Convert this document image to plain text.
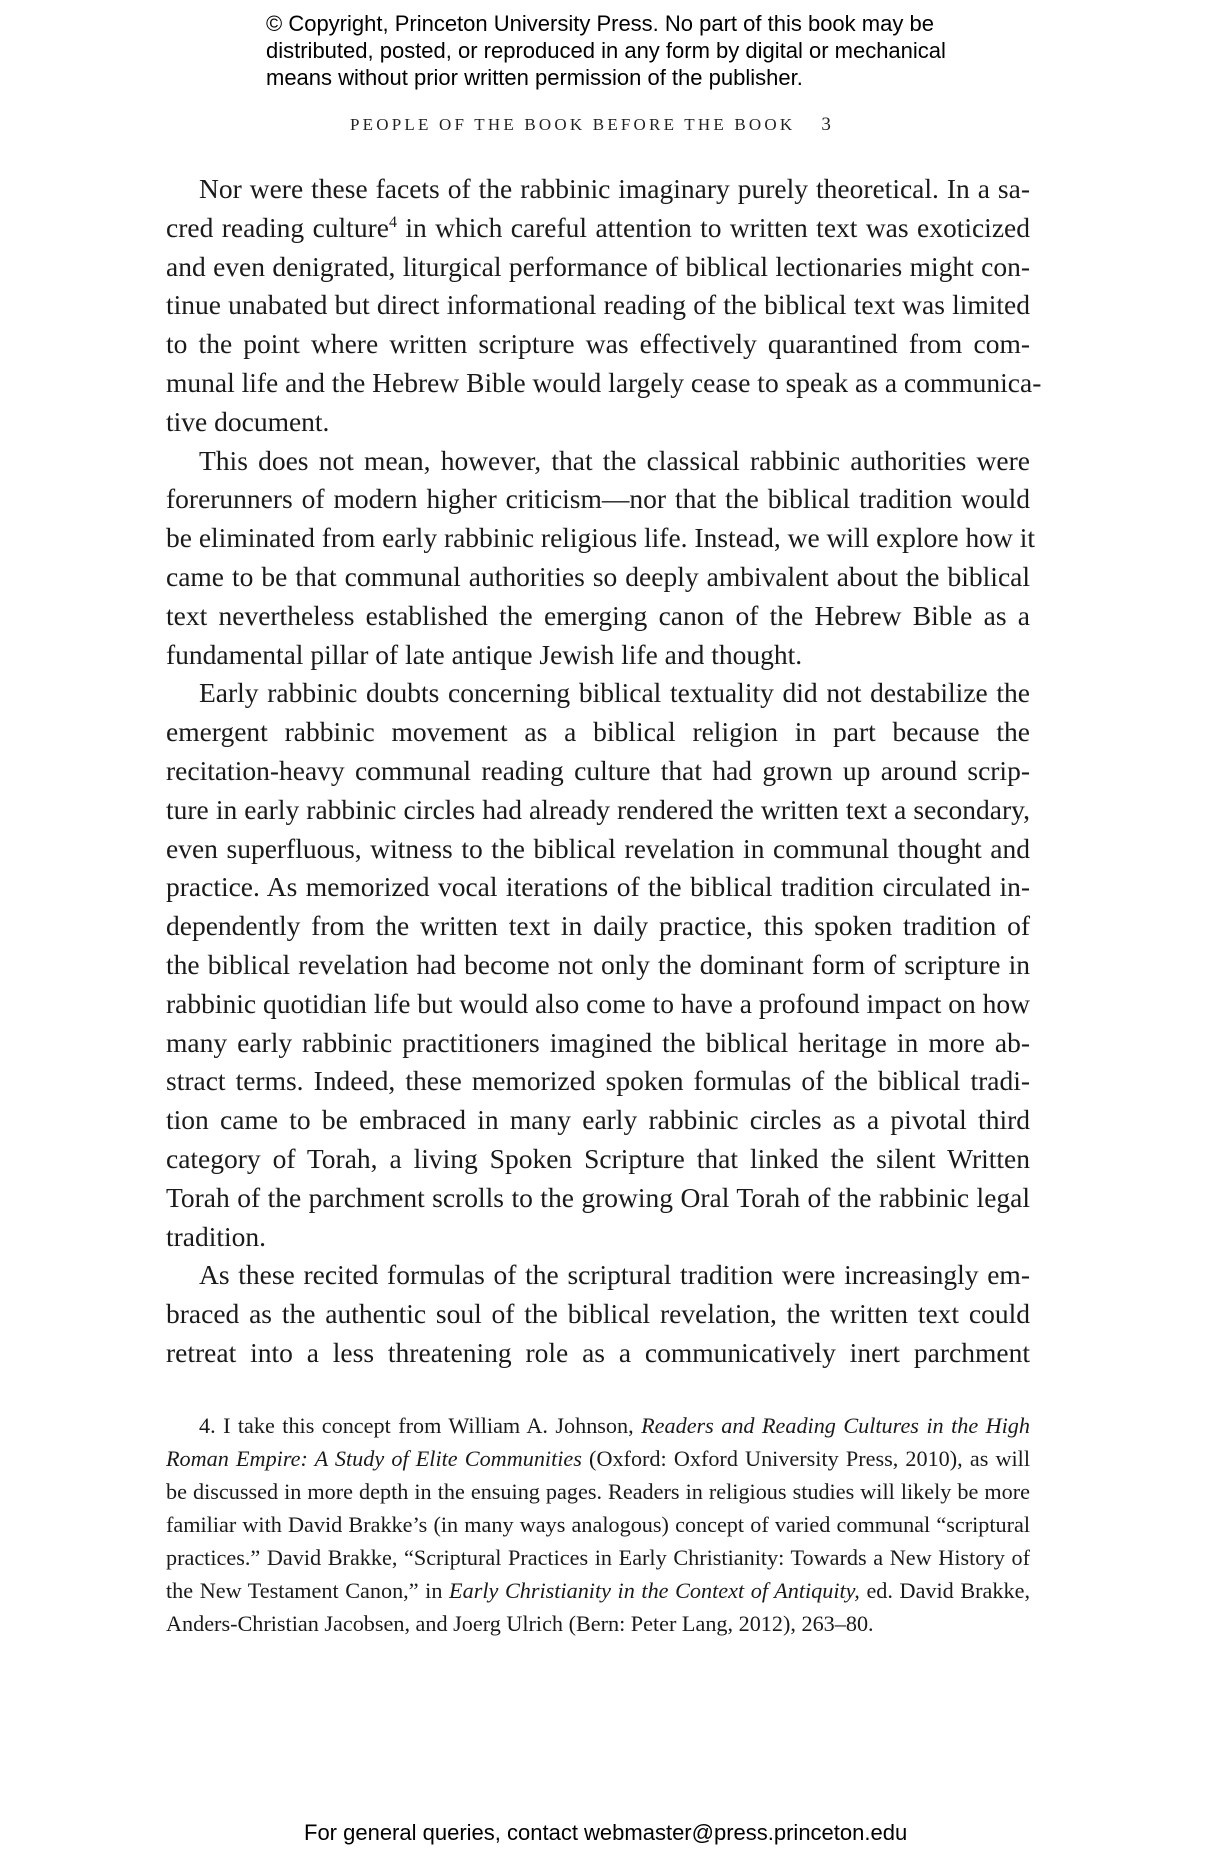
© Copyright, Princeton University Press. No part of this book may be
distributed, posted, or reproduced in any form by digital or mechanical
means without prior written permission of the publisher.
PEOPLE OF THE BOOK BEFORE THE BOOK 3
Nor were these facets of the rabbinic imaginary purely theoretical. In a sa-
cred reading culture$^4$ in which careful attention to written text was exoticized
and even denigrated, liturgical performance of biblical lectionaries might con-
tinue unabated but direct informational reading of the biblical text was limited
to the point where written scripture was effectively quarantined from com-
munal life and the Hebrew Bible would largely cease to speak as a communica-
tive document.
This does not mean, however, that the classical rabbinic authorities were
forerunners of modern higher criticism—nor that the biblical tradition would
be eliminated from early rabbinic religious life. Instead, we will explore how it
came to be that communal authorities so deeply ambivalent about the biblical
text nevertheless established the emerging canon of the Hebrew Bible as a
fundamental pillar of late antique Jewish life and thought.
Early rabbinic doubts concerning biblical textuality did not destabilize the
emergent rabbinic movement as a biblical religion in part because the
recitation-heavy communal reading culture that had grown up around scrip-
ture in early rabbinic circles had already rendered the written text a secondary,
even superfluous, witness to the biblical revelation in communal thought and
practice. As memorized vocal iterations of the biblical tradition circulated in-
dependently from the written text in daily practice, this spoken tradition of
the biblical revelation had become not only the dominant form of scripture in
rabbinic quotidian life but would also come to have a profound impact on how
many early rabbinic practitioners imagined the biblical heritage in more ab-
stract terms. Indeed, these memorized spoken formulas of the biblical tradi-
tion came to be embraced in many early rabbinic circles as a pivotal third
category of Torah, a living Spoken Scripture that linked the silent Written
Torah of the parchment scrolls to the growing Oral Torah of the rabbinic legal
tradition.
As these recited formulas of the scriptural tradition were increasingly em-
braced as the authentic soul of the biblical revelation, the written text could
retreat into a less threatening role as a communicatively inert parchment
4. I take this concept from William A. Johnson, Readers and Reading Cultures in the High
Roman Empire: A Study of Elite Communities (Oxford: Oxford University Press, 2010), as will
be discussed in more depth in the ensuing pages. Readers in religious studies will likely be more
familiar with David Brakke’s (in many ways analogous) concept of varied communal “scriptural
practices.” David Brakke, “Scriptural Practices in Early Christianity: Towards a New History of
the New Testament Canon,” in Early Christianity in the Context of Antiquity, ed. David Brakke,
Anders-Christian Jacobsen, and Joerg Ulrich (Bern: Peter Lang, 2012), 263–80.
For general queries, contact webmaster@press.princeton.edu
